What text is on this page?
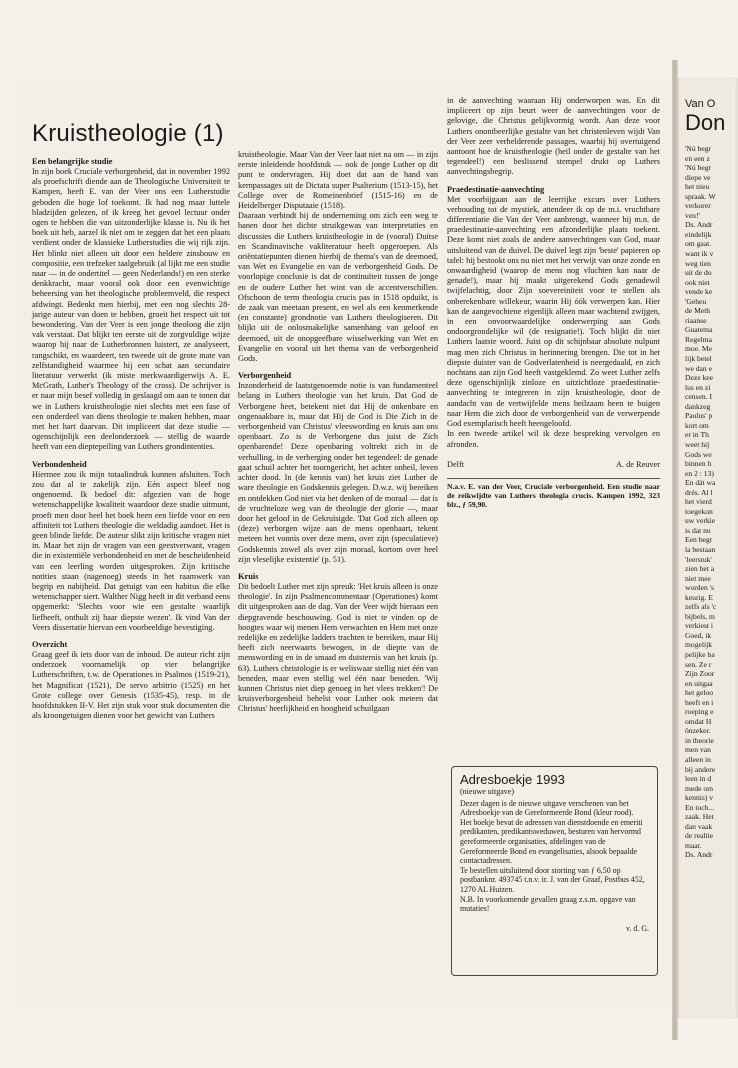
Kruistheologie (1)
Een belangrijke studie

In zijn boek Cruciale verborgenheid, dat in november 1992 als proefschrift diende aan de Theologische Universiteit te Kampen, heeft E. van der Veer ons een Lutherstudie geboden die hoge lof toekomt. Ik had nog maar luttele bladzijden gelezen, of ik kreeg het gevoel lectuur onder ogen te hebben die van uitzonderlijke klasse is. Nu ik het boek uit heb, aarzel ik niet om te zeggen dat het een plaats verdient onder de klassieke Lutherstudies die wij rijk zijn. Het blinkt niet alleen uit door een heldere zinsbouw en compositie, een trefzeker taalgebruik (al lijkt me een studie naar — in de ondertitel — geen Nederlands!) en een sterke denkkracht, maar vooral ook door een evenwichtige beheersing van het theologische probleemveld, die respect afdwingt. Bedenkt men hierbij, met een nog slechts 28-jarige auteur van doen te hebben, groeit het respect uit tot bewondering. Van der Veer is een jonge theoloog die zijn vak verstaat. Dat blijkt ten eerste uit de zorgvuldige wijze waarop hij naar de Lutherbronnen luistert, ze analyseert, rangschikt, en waardeert, ten tweede uit de grote mate van zelfstandigheid waarmee hij een schat aan secundaire literatuur verwerkt (ik miste merkwaardigerwijs A. E. McGrath, Luther's Theology of the cross). De schrijver is er naar mijn besef volledig in geslaagd om aan te tonen dat we in Luthers kruistheologie niet slechts met een fase of een onderdeel van diens theologie te maken hebben, maar met het hart daarvan. Dit impliceert dat deze studie — ogenschijnlijk een deelonderzoek — stellig de waarde heeft van een dieptepeiling van Luthers grondintenties.

Verbondenheid

Hiermee zou ik mijn totaalindruk kunnen afsluiten. Toch zou dat al te zakelijk zijn. Eén aspect bleef nog ongenoemd. Ik bedoel dit: afgezien van de hoge wetenschappelijke kwaliteit waardoor deze studie uitmunt, proeft men door heel het boek heen een liefde voor en een affiniteit tot Luthers theologie die weldadig aandoet. Het is geen blinde liefde. De auteur slikt zijn kritische vragen niet in. Maar het zijn de vragen van een geestverwant, vragen die in existentiële verbondenheid en met de bescheidenheid van een leerling worden uitgesproken. Zijn kritische notities staan (nagenoeg) steeds in het raamwerk van begrip en nabijheid. Dat getuigt van een habitus die elke wetenschapper siert. Walther Nigg heeft in dit verband eens opgemerkt: 'Slechts voor wie een gestalte waarlijk liefheeft, onthult zij haar diepste wezen'. Ik vind Van der Veers dissertatie hiervan een voorbeeldige bevestiging.

Overzicht

Graag geef ik iets door van de inhoud. De auteur richt zijn onderzoek voornamelijk op vier belangrijke Lutherschriften, t.w. de Operationes in Psalmos (1519-21), het Magnificat (1521), De servo arbitrio (1525) en het Grote college over Genesis (1535-45), resp. in de hoofdstukken II-V. Het zijn stuk voor stuk documenten die als kroongetuigen dienen voor het gewicht van Luthers

kruistheologie. Maar Van der Veer laat niet na om — in zijn eerste inleidende hoofdstuk — ook de jonge Luther op dit punt te ondervragen. Hij doet dat aan de hand van kernpassages uit de Dictata super Psalterium (1513-15), het College over de Romeinenbrief (1515-16) en de Heidelberger Disputaaie (1518).

Daaraan verbindt hij de onderneming om zich een weg te banen door het dichte struikgewas van interpretaties en discussies die Luthers kruistheologie in de (vooral) Duitse en Scandinavische vakliteratuur heeft opgeroepen. Als oriëntatiepunten dienen hierbij de thema's van de deemoed, van Wet en Evangelie en van de verborgenheid Gods. De voorlopige conclusie is dat de continuïteit tussen de jonge en de oudere Luther het wint van de accentverschillen. Ofschoon de term theologia crucis pas in 1518 opduikt, is de zaak van meetaan present, en wel als een kenmerkende (en constante) grondnotie van Luthers theologiseren. Dit blijkt uit de onlosmakelijke samenhang van geloof en deemoed, uit de onopgeefbare wisselwerking van Wet en Evangelie en vooral uit het thema van de verborgenheid Gods.

Verborgenheid

Inzonderheid de laatstgenoemde notie is van fundamenteel belang in Luthers theologie van het kruis. Dat God de Verborgene heet, betekent niet dat Hij de onkenbare en ongenaakbare is, maar dat Hij de God is Die Zich in de verborgenheid van Christus' vleeswording en kruis aan ons openbaart. Zo is de Verborgene dus juist de Zich openbarende! Deze openbaring voltrekt zich in de verhulling, in de verberging onder het tegendeel: de genade gaat schuil achter het toorngericht, het achter onheil, leven achter dood. In (de kennis van) het kruis ziet Luther de ware theologie en Godskennis gelegen. D.w.z. wij bereiken en ontdekken God niet via het denken of de moraal — dat is de vruchteloze weg van de theologie der glorie —, maar door het geloof in de Gekruisigde. 'Dat God zich alleen op (deze) verborgen wijze aan de mens openbaart, tekent meteen het vonnis over deze mens, over zijn (speculatieve) Godskennis zowel als over zijn moraal, kortom over heel zijn vleselijke existentie' (p. 51).

Kruis

Dit bedoelt Luther met zijn spreuk: 'Het kruis alleen is onze theologie'. In zijn Psalmencommentaar (Operationes) komt dit uitgesproken aan de dag. Van der Veer wijdt hieraan een diepgravende beschouwing. God is niet te vinden op de hoogtes waar wij menen Hem verwachten en Hem met onze redelijke en zedelijke ladders trachten te bereiken, maar Hij heeft zich neerwaarts bewogen, in de diepte van de menswording en in de smaad en duisternis van het kruis (p. 63). Luthers christologie is er weliswaar stellig niet één van beneden, maar even stellig wel één naar beneden. 'Wij kunnen Christus niet diep genoeg in het vlees trekken'! De kruisverborgenheid behelst voor Luther ook meteen dat Christus' heerlijkheid en hoogheid schuilgaan

in de aanvechting waaraan Hij onderworpen was. En dit impliceert op zijn beurt weer de aanvechtingen voor de gelovige, die Christus gelijkvormig wordt. Aan deze voor Luthers onontbeerlijke gestalte van het christenleven wijdt Van der Veer zeer verhelderende passages, waarbij hij overtuigend aantoont hoe de kruistheologie (heil onder de gestalte van het tegendeel!) een beslissend stempel drukt op Luthers aanvechtingsbegrip.

Praedestinatie-aanvechting

Met voorbijgaan aan de leerrijke excurs over Luthers verhouding tot de mystiek, attendeer ik op de m.i. vruchtbare differentiatie die Van der Veer aanbrengt, wanneer hij m.n. de praedestinatie-aanvechting een afzonderlijke plaats toekent. Deze komt niet zoals de andere aanvechtingen van God, maar uitsluitend van de duivel. De duivel legt zijn 'beste' papieren op tafel: hij bestookt ons nu niet met het verwijt van onze zonde en onwaardigheid (waarop de mens nog vluchten kan naar de genade!), maar hij maakt uitgerekend Gods genadewil twijfelachtig, door Zijn soevereiniteit voor te stellen als onberekenbare willekeur, waarin Hij óók verwerpen kan. Hier kan de aangevochtene eigenlijk alleen maar wachtend zwijgen, in een onvoorwaardelijke onderwerping aan Gods ondoorgrondelijke wil (de resignatie!). Toch blijkt dit niet Luthers laatste woord. Juist op dit schijnbaar absolute nulpunt mag men zich Christus in herinnering brengen. Die tot in het diepste duister van de Godverlatenheid is neergedaald, en zich nochtans aan zijn God heeft vastgeklemd. Zo weet Luther zelfs deze ogenschijnlijk zinloze en uitzichtloze praedestinatie-aanvechting te integreren in zijn kruistheologie, door de aandacht van de vertwijfelde mens heilzaam heen te buigen naar Hem die zich door de verborgenheid van de verwerpende God exemplarisch heeft heengeloofd.

In een tweede artikel wil ik deze bespreking vervolgen en afronden.

Delft	A. de Reuver
N.a.v. E. van der Veer, Cruciale verborgenheid. Een studie naar de reikwijdte van Luthers theologia crucis. Kampen 1992, 323 blz., ƒ 59,90.
Adresboekje 1993
(nieuwe uitgave)

Dezer dagen is de nieuwe uitgave verschenen van het Adresboekje van de Gereformeerde Bond (kleur rood).

Het boekje bevat de adressen van dienstdoende en emeriti predikanten, predikantsweduwen, besturen van hervormd gereformeerde organisaties, afdelingen van de Gereformeerde Bond en evangelisaties, alsook bepaalde contactadressen.

Te bestellen uitsluitend door storting van ƒ 6,50 op postbanknr. 493745 t.n.v. ir. J. van der Graaf, Postbus 452, 1270 AL Huizen.

N.B. In voorkomende gevallen graag z.s.m. opgave van mutaties!

v. d. G.
Van O
Don
'Nú begr
en een z
'Nú begr
diepe ve
het nieu
spraak. W
verkorer
ven!'
Ds. Andr
eindelijk
om gaat.
want ik v
weg tien
uit de do
ook niet
vende ke
'Geheu
de Meth
riaanse
Guatema
Regelma
moe. Me
lijk betel
we dan e
Deze kee
lus en zi
censen. I
dankzeg
Paulus' p
kort om
er in Th
weet hij
Gods we
binnen h
en 2 : 13)
En dát wa
drés. Al l
het vierd
toegekon
uw verkie
is dat nu
Een begr
la bestaan
'leerstuk'
zien het a
niet mee
worden 's
keurig. E
zelfs als 'c
bijbels, m
verkiest i
Goed, ik
mogelijk
pelijke ba
sen. Ze r
Zijn Zoor
en uitgaa
het geloo
heeft en i
roeping e
omdat H
önzeker.
in theorie
men van
alleen in
bij andere
leen in d
mede om
kennis) v
En toch...
zaak. Het
dan vaak
de realite
maar.
Ds. Andr
